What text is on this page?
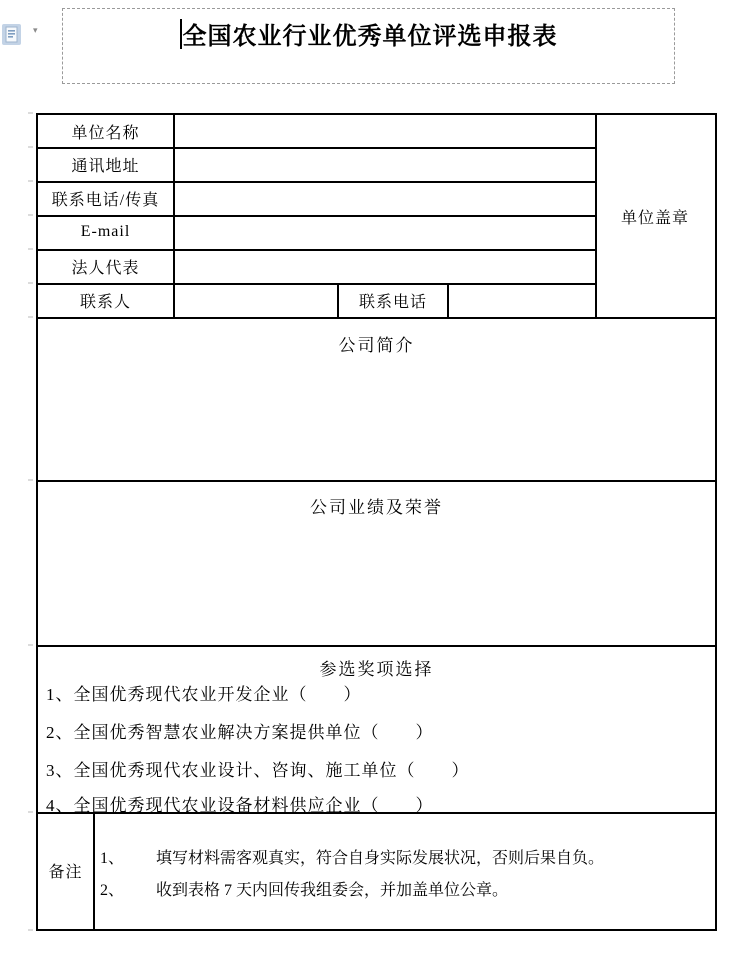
▾	全国农业行业优秀单位评选申报表
单位名称
通讯地址
联系电话/传真
E-mail
法人代表
联系人	联系电话
单位盖章
公司简介
公司业绩及荣誉
参选奖项选择
1、全国优秀现代农业开发企业（　　）
2、全国优秀智慧农业解决方案提供单位（　　）
3、全国优秀现代农业设计、咨询、施工单位（　　）
4、全国优秀现代农业设备材料供应企业（　　）
备注
1、	填写材料需客观真实，符合自身实际发展状况，否则后果自负。
2、	收到表格 7 天内回传我组委会，并加盖单位公章。
